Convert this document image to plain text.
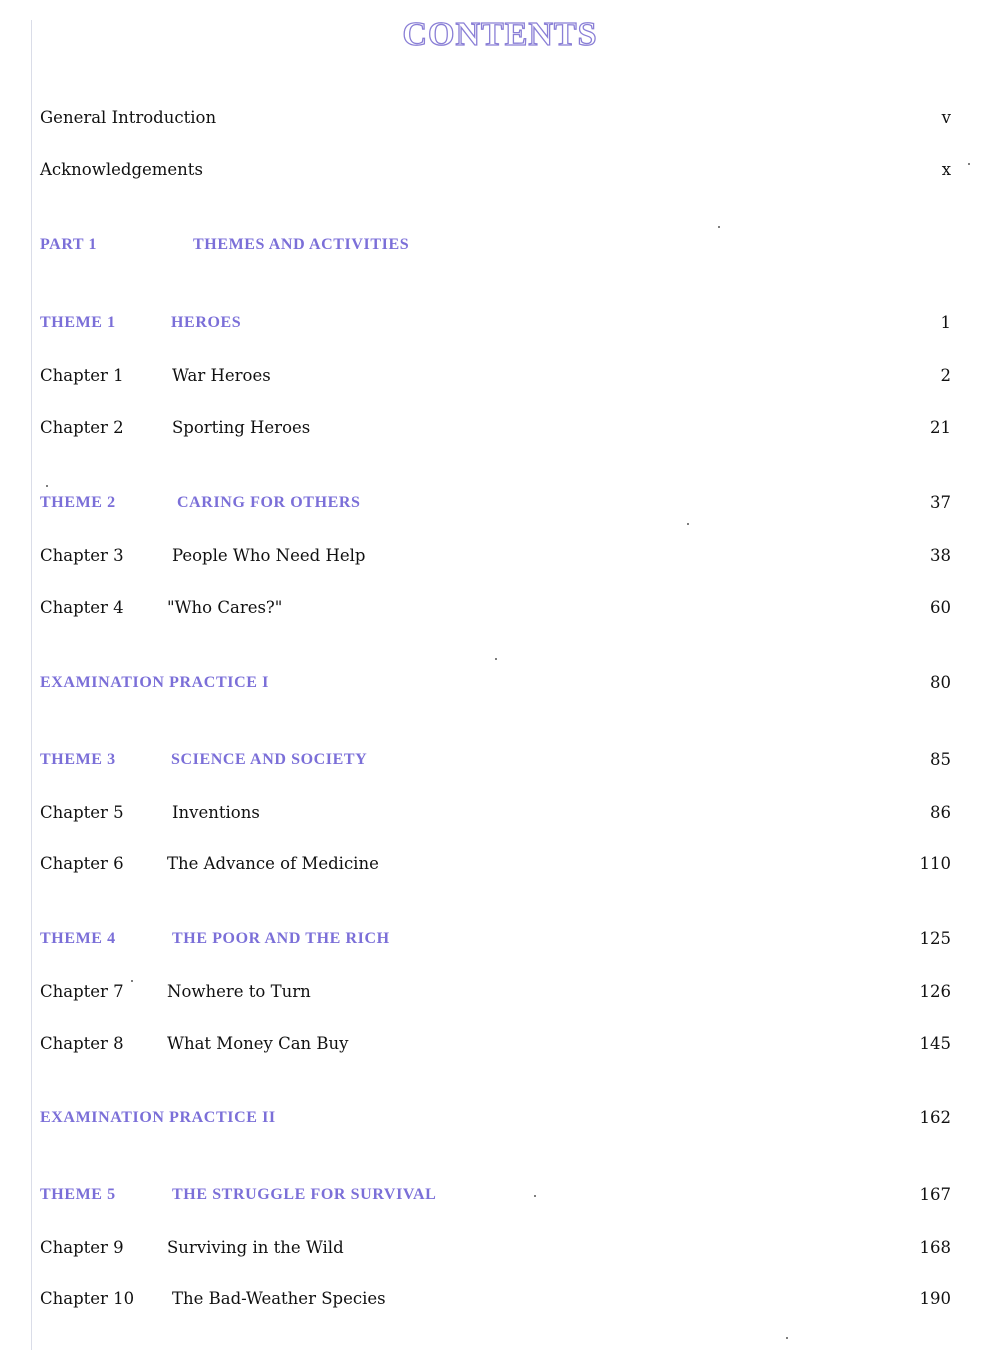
CONTENTS
General Introduction	v
Acknowledgements	x
PART 1	THEMES AND ACTIVITIES
THEME 1	HEROES	1
Chapter 1	War Heroes	2
Chapter 2	Sporting Heroes	21
THEME 2	CARING FOR OTHERS	37
Chapter 3	People Who Need Help	38
Chapter 4	"Who Cares?"	60
EXAMINATION PRACTICE I	80
THEME 3	SCIENCE AND SOCIETY	85
Chapter 5	Inventions	86
Chapter 6	The Advance of Medicine	110
THEME 4	THE POOR AND THE RICH	125
Chapter 7	Nowhere to Turn	126
Chapter 8	What Money Can Buy	145
EXAMINATION PRACTICE II	162
THEME 5	THE STRUGGLE FOR SURVIVAL	167
Chapter 9	Surviving in the Wild	168
Chapter 10 The Bad-Weather Species	190
